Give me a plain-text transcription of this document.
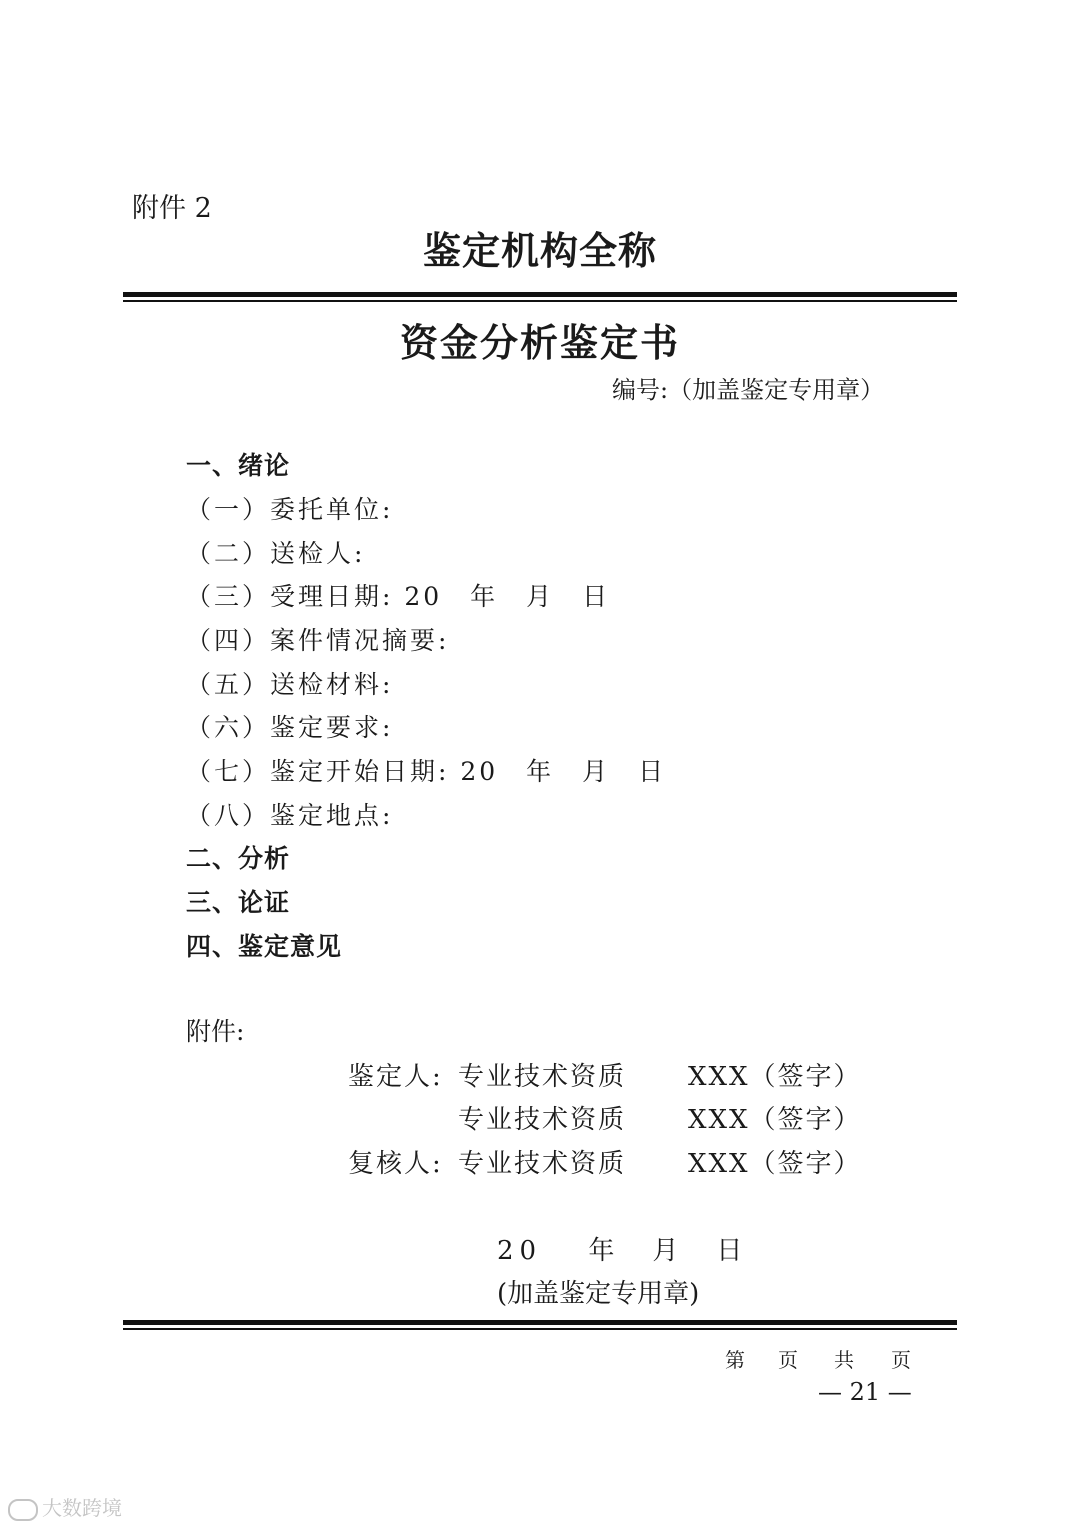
附件 2
鉴定机构全称
资金分析鉴定书
编号:（加盖鉴定专用章）
一、绪论
（一）委托单位:
（二）送检人:
（三）受理日期: 20　年　月　日
（四）案件情况摘要:
（五）送检材料:
（六）鉴定要求:
（七）鉴定开始日期: 20　年　月　日
（八）鉴定地点:
二、分析
三、论证
四、鉴定意见
附件:
鉴定人: 专业技术资质 XXX（签字）
专业技术资质 XXX（签字）
复核人: 专业技术资质 XXX（签字）
20　 年　月　日
(加盖鉴定专用章)
第 页 共 页
— 21 —
大数跨境
